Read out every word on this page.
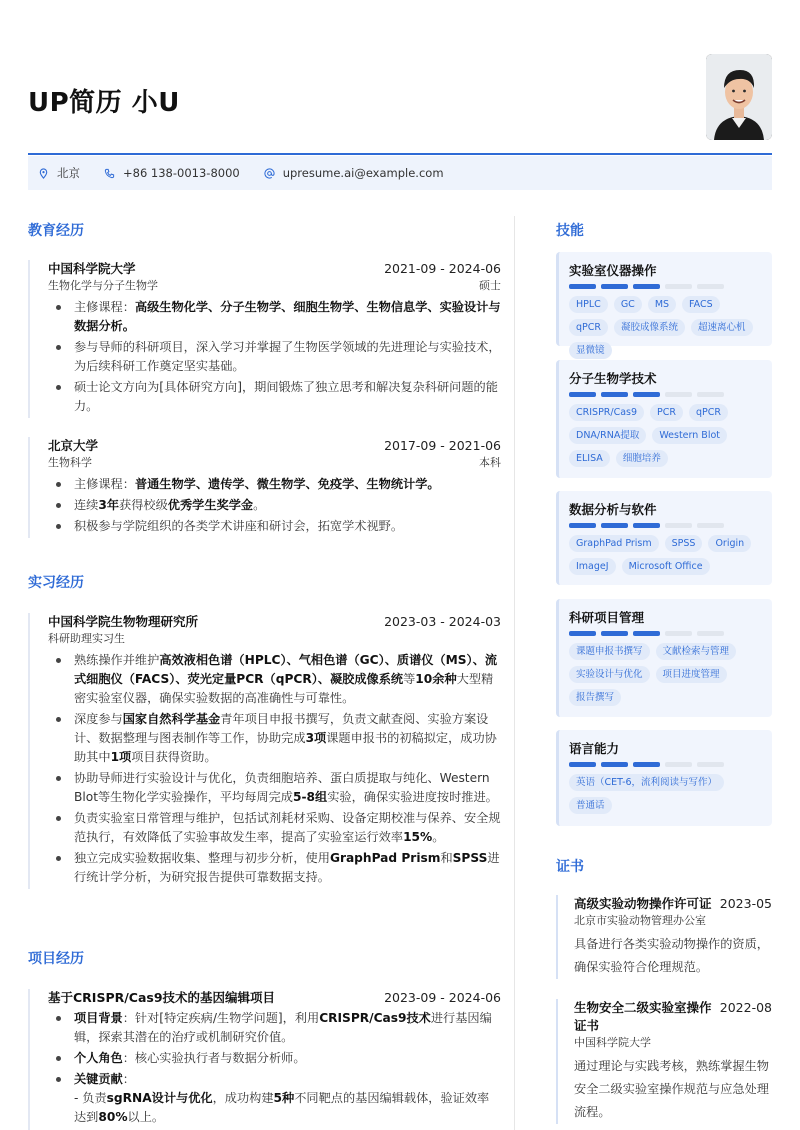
UP简历 小U
北京	+86 138-0013-8000	upresume.ai@example.com
教育经历
中国科学院大学	2021-09 - 2024-06
生物化学与分子生物学	硕士
主修课程：高级生物化学、分子生物学、细胞生物学、生物信息学、实验设计与数据分析。
参与导师的科研项目，深入学习并掌握了生物医学领域的先进理论与实验技术，为后续科研工作奠定坚实基础。
硕士论文方向为[具体研究方向]，期间锻炼了独立思考和解决复杂科研问题的能力。
北京大学	2017-09 - 2021-06
生物科学	本科
主修课程：普通生物学、遗传学、微生物学、免疫学、生物统计学。
连续3年获得校级优秀学生奖学金。
积极参与学院组织的各类学术讲座和研讨会，拓宽学术视野。
实习经历
中国科学院生物物理研究所	2023-03 - 2024-03
科研助理实习生
熟练操作并维护高效液相色谱（HPLC）、气相色谱（GC）、质谱仪（MS）、流式细胞仪（FACS）、荧光定量PCR（qPCR）、凝胶成像系统等10余种大型精密实验室仪器，确保实验数据的高准确性与可靠性。
深度参与国家自然科学基金青年项目申报书撰写，负责文献查阅、实验方案设计、数据整理与图表制作等工作，协助完成3项课题申报书的初稿拟定，成功协助其中1项项目获得资助。
协助导师进行实验设计与优化，负责细胞培养、蛋白质提取与纯化、Western Blot等生物化学实验操作，平均每周完成5-8组实验，确保实验进度按时推进。
负责实验室日常管理与维护，包括试剂耗材采购、设备定期校准与保养、安全规范执行，有效降低了实验事故发生率，提高了实验室运行效率15%。
独立完成实验数据收集、整理与初步分析，使用GraphPad Prism和SPSS进行统计学分析，为研究报告提供可靠数据支持。
项目经历
基于CRISPR/Cas9技术的基因编辑项目	2023-09 - 2024-06
项目背景：针对[特定疾病/生物学问题]，利用CRISPR/Cas9技术进行基因编辑，探索其潜在的治疗或机制研究价值。
个人角色：核心实验执行者与数据分析师。
关键贡献：
- 负责sgRNA设计与优化，成功构建5种不同靶点的基因编辑载体，验证效率达到80%以上。
技能
实验室仪器操作
HPLC	GC	MS	FACS
qPCR	凝胶成像系统	超速离心机
显微镜
分子生物学技术
CRISPR/Cas9	PCR	qPCR
DNA/RNA提取	Western Blot
ELISA	细胞培养
数据分析与软件
GraphPad Prism	SPSS	Origin
ImageJ	Microsoft Office
科研项目管理
课题申报书撰写	文献检索与管理
实验设计与优化	项目进度管理
报告撰写
语言能力
英语（CET-6，流利阅读与写作）
普通话
证书
高级实验动物操作许可证 2023-05
北京市实验动物管理办公室
具备进行各类实验动物操作的资质，确保实验符合伦理规范。
生物安全二级实验室操作证书
2022-08
中国科学院大学
通过理论与实践考核，熟练掌握生物安全二级实验室操作规范与应急处理流程。
